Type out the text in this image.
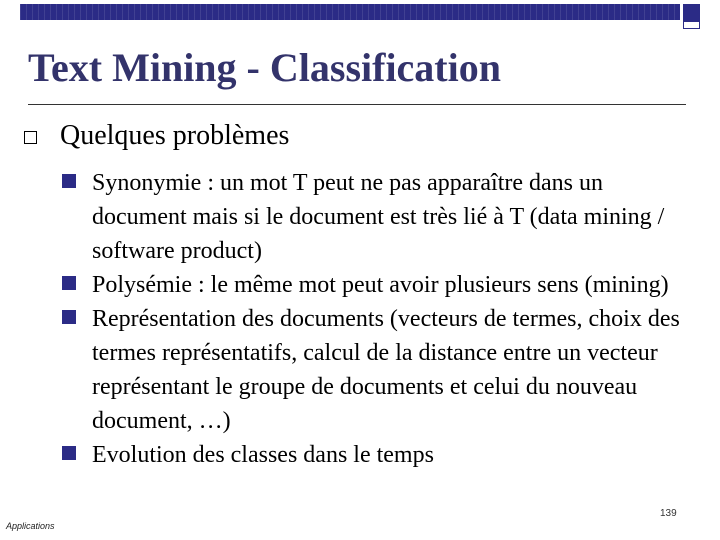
Text Mining - Classification
Quelques problèmes
Synonymie : un mot T peut ne pas apparaître dans un document mais si le document est très lié à T (data mining / software product)
Polysémie : le même mot peut avoir plusieurs sens (mining)
Représentation des documents (vecteurs de termes, choix des termes représentatifs, calcul de la distance entre un vecteur représentant le groupe de documents et celui du nouveau document, …)
Evolution des classes dans le temps
139
Applications
